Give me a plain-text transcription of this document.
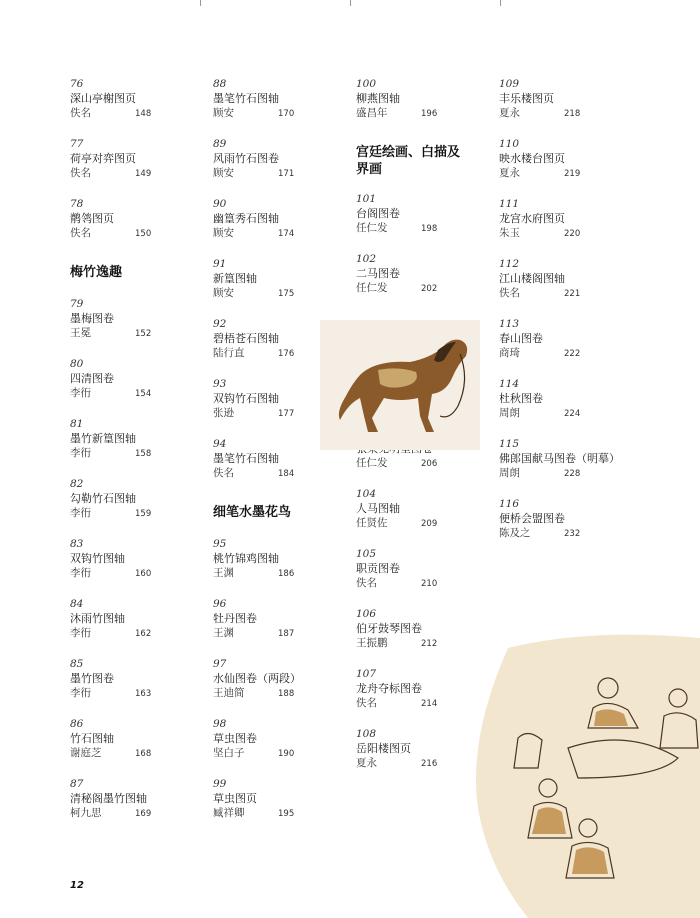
76
深山亭榭图页
佚名	148
77
荷亭对弈图页
佚名	149
78
鹡鸰图页
佚名	150
梅竹逸趣
79
墨梅图卷
王冕	152
80
四清图卷
李衎	154
81
墨竹新篁图轴
李衎	158
82
勾勒竹石图轴
李衎	159
83
双钩竹图轴
李衎	160
84
沐雨竹图轴
李衎	162
85
墨竹图卷
李衎	163
86
竹石图轴
谢庭芝	168
87
清秘阁墨竹图轴
柯九思	169
88
墨笔竹石图轴
顾安	170
89
风雨竹石图卷
顾安	171
90
幽篁秀石图轴
顾安	174
91
新篁图轴
顾安	175
92
碧梧苍石图轴
陆行直	176
93
双钩竹石图轴
张逊	177
94
墨笔竹石图轴
佚名	184
细笔水墨花鸟
95
桃竹锦鸡图轴
王渊	186
96
牡丹图卷
王渊	187
97
水仙图卷（两段）
王迪简	188
98
草虫图卷
坚白子	190
99
草虫图页
臧祥卿	195
100
柳燕图轴
盛昌年	196
宫廷绘画、白描及
界画
101
台阁图卷
任仁发	198
102
二马图卷
任仁发	202
任仁发	206
104
人马图轴
任贤佐	209
105
职贡图卷
佚名	210
106
伯牙鼓琴图卷
王振鹏	212
107
龙舟夺标图卷
佚名	214
108
岳阳楼图页
夏永	216
109
丰乐楼图页
夏永	218
110
映水楼台图页
夏永	219
111
龙宫水府图页
朱玉	220
112
江山楼阁图轴
佚名	221
113
春山图卷
商琦	222
114
杜秋图卷
周朗	224
115
佛郎国献马图卷（明摹）
周朗	228
116
便桥会盟图卷
陈及之	232
12
